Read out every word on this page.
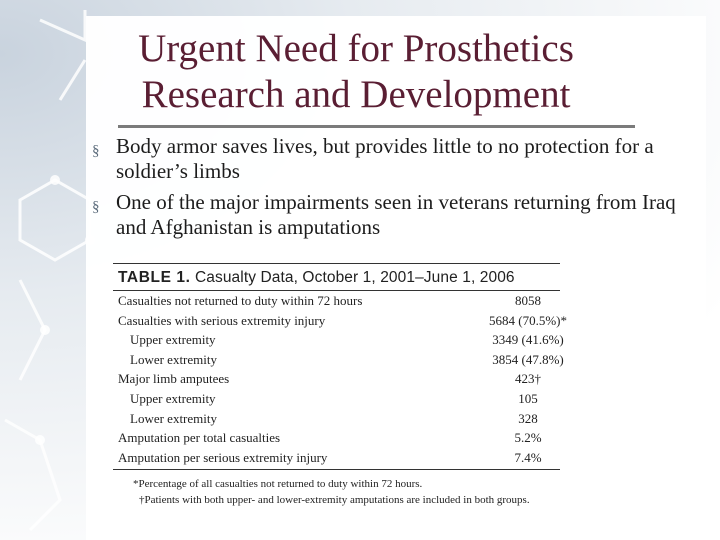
Urgent Need for Prosthetics
Research and Development
§ Body armor saves lives, but provides little to no protection for a soldier’s limbs
§ One of the major impairments seen in veterans returning from Iraq and Afghanistan is amputations
TABLE 1. Casualty Data, October 1, 2001–June 1, 2006
Casualties not returned to duty within 72 hours	8058
Casualties with serious extremity injury	5684 (70.5%)*
Upper extremity	3349 (41.6%)
Lower extremity	3854 (47.8%)
Major limb amputees	423†
Upper extremity	105
Lower extremity	328
Amputation per total casualties	5.2%
Amputation per serious extremity injury	7.4%
*Percentage of all casualties not returned to duty within 72 hours.
†Patients with both upper- and lower-extremity amputations are included in both groups.
